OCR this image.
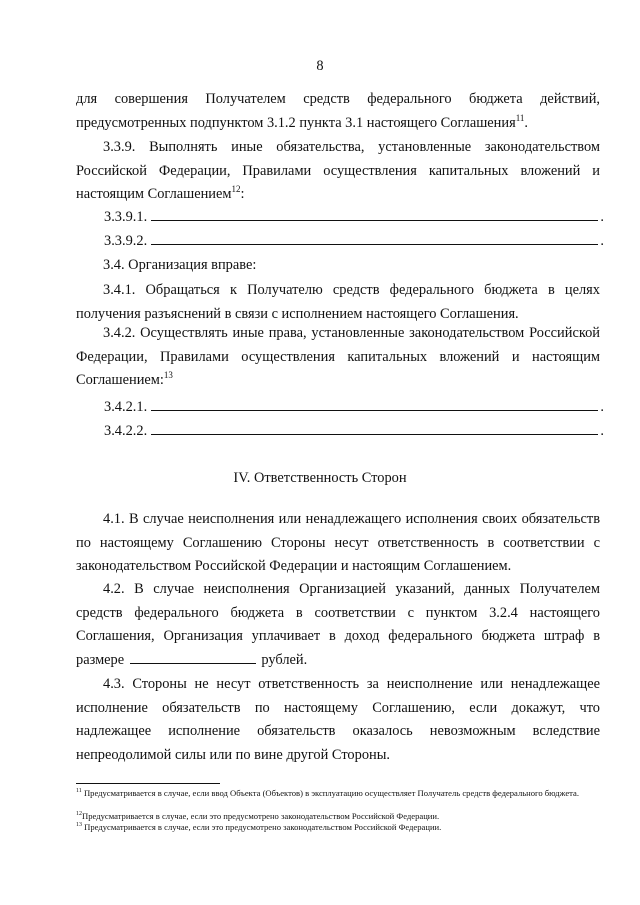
8
для совершения Получателем средств федерального бюджета действий, предусмотренных подпунктом 3.1.2 пункта 3.1 настоящего Соглашения$^{11}$.
3.3.9. Выполнять иные обязательства, установленные законодательством Российской Федерации, Правилами осуществления капитальных вложений и настоящим Соглашением$^{12}$:
3.3.9.1.	.
3.3.9.2.	.
3.4. Организация вправе:
3.4.1. Обращаться к Получателю средств федерального бюджета в целях получения разъяснений в связи с исполнением настоящего Соглашения.
3.4.2. Осуществлять иные права, установленные законодательством Российской Федерации, Правилами осуществления капитальных вложений и настоящим Соглашением:$^{13}$
3.4.2.1.	.
3.4.2.2.	.
IV. Ответственность Сторон
4.1. В случае неисполнения или ненадлежащего исполнения своих обязательств по настоящему Соглашению Стороны несут ответственность в соответствии с законодательством Российской Федерации и настоящим Соглашением.
4.2. В случае неисполнения Организацией указаний, данных Получателем средств федерального бюджета в соответствии с пунктом 3.2.4 настоящего Соглашения, Организация уплачивает в доход федерального бюджета штраф в размере	рублей.
4.3. Стороны не несут ответственность за неисполнение или ненадлежащее исполнение обязательств по настоящему Соглашению, если докажут, что надлежащее исполнение обязательств оказалось невозможным вследствие непреодолимой силы или по вине другой Стороны.
$^{11}$ Предусматривается в случае, если ввод Объекта (Объектов) в эксплуатацию осуществляет Получатель средств федерального бюджета.
$^{12}$Предусматривается в случае, если это предусмотрено законодательством Российской Федерации.
$^{13}$ Предусматривается в случае, если это предусмотрено законодательством Российской Федерации.
